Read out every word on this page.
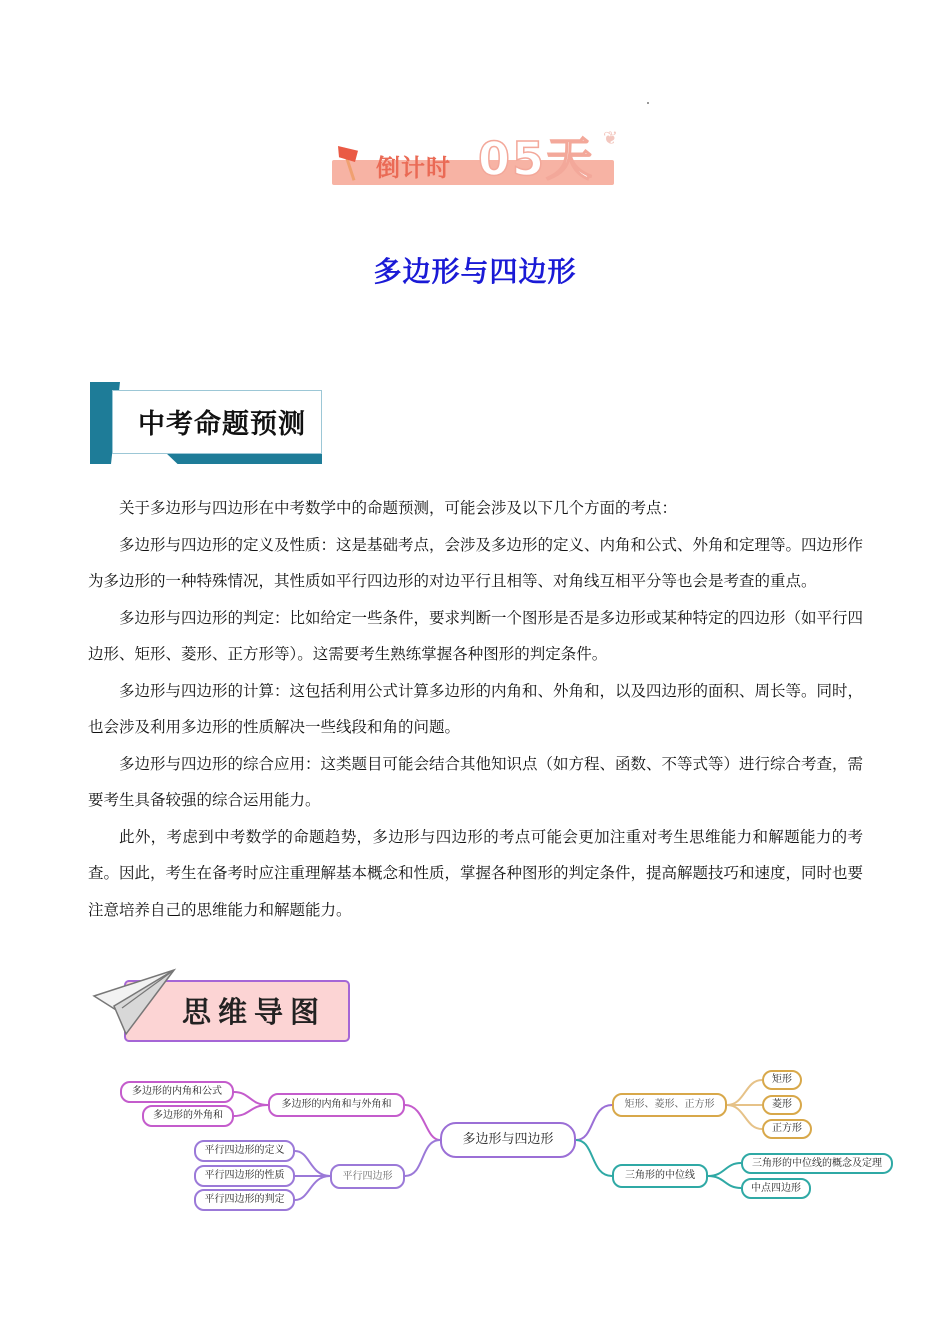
倒计时 05天 ❦
多边形与四边形
中考命题预测

关于多边形与四边形在中考数学中的命题预测，可能会涉及以下几个方面的考点：

多边形与四边形的定义及性质：这是基础考点，会涉及多边形的定义、内角和公式、外角和定理等。四边形作为多边形的一种特殊情况，其性质如平行四边形的对边平行且相等、对角线互相平分等也会是考查的重点。

多边形与四边形的判定：比如给定一些条件，要求判断一个图形是否是多边形或某种特定的四边形（如平行四边形、矩形、菱形、正方形等）。这需要考生熟练掌握各种图形的判定条件。

多边形与四边形的计算：这包括利用公式计算多边形的内角和、外角和，以及四边形的面积、周长等。同时，也会涉及利用多边形的性质解决一些线段和角的问题。

多边形与四边形的综合应用：这类题目可能会结合其他知识点（如方程、函数、不等式等）进行综合考查，需要考生具备较强的综合运用能力。

此外，考虑到中考数学的命题趋势，多边形与四边形的考点可能会更加注重对考生思维能力和解题能力的考查。因此，考生在备考时应注重理解基本概念和性质，掌握各种图形的判定条件，提高解题技巧和速度，同时也要注意培养自己的思维能力和解题能力。

思维导图
多边形与四边形
多边形的内角和与外角和
多边形的内角和公式
多边形的外角和
平行四边形
平行四边形的定义
平行四边形的性质
平行四边形的判定
矩形、菱形、正方形
矩形
菱形
正方形
三角形的中位线
三角形的中位线的概念及定理
中点四边形
